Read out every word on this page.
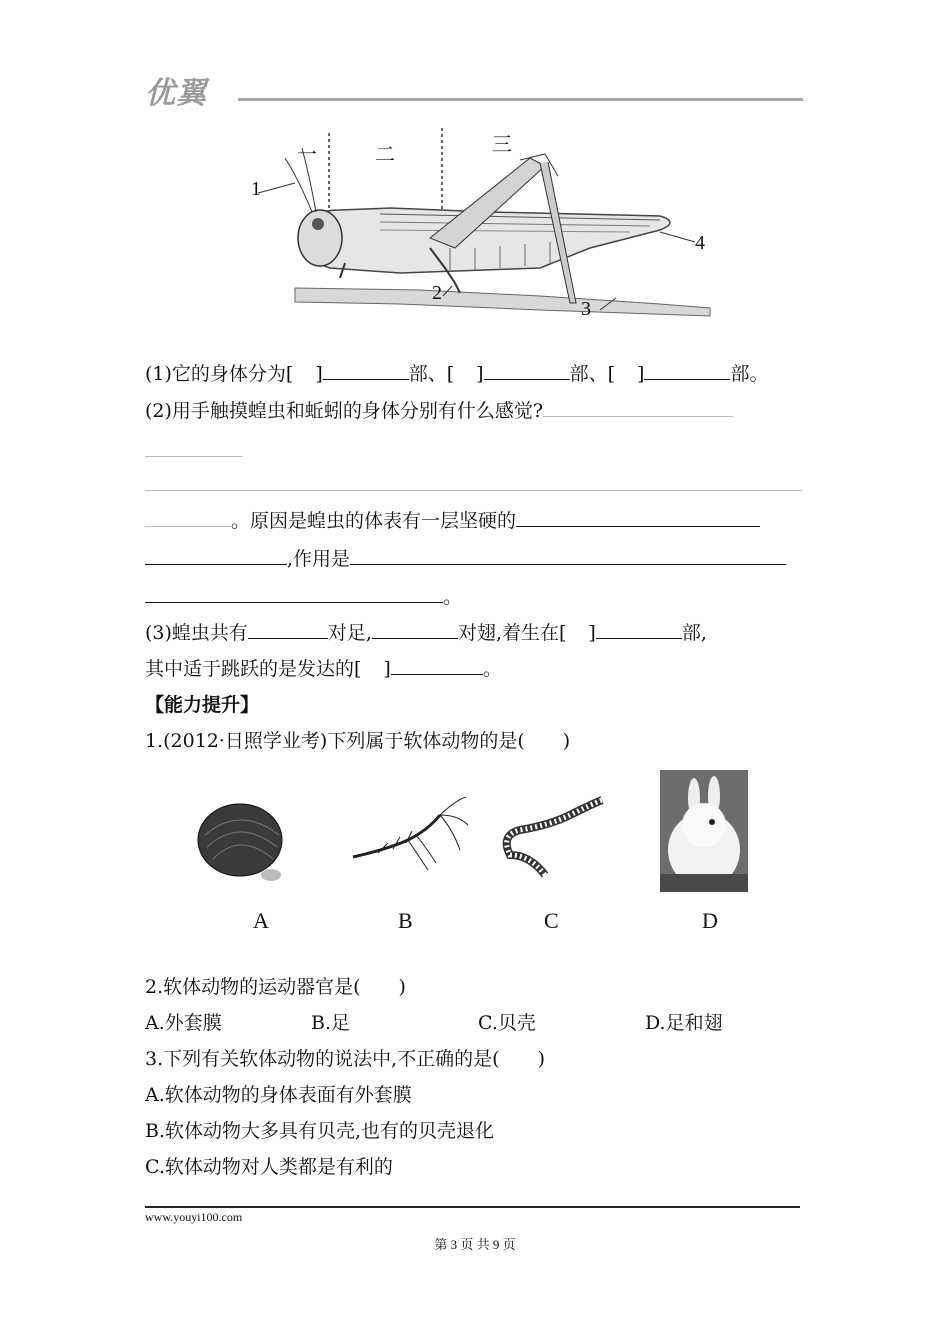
优翼
一	二	三
1
2
3
4
(1)它的身体分为[ ]	部、[ ]	部、[ ]	部。
(2)用手触摸蝗虫和蚯蚓的身体分别有什么感觉?
。原因是蝗虫的体表有一层坚硬的
,作用是
。
(3)蝗虫共有	对足,	对翅,着生在[ ]	部,
其中适于跳跃的是发达的[ ]	。
【能力提升】
1.(2012·日照学业考)下列属于软体动物的是(　　)
A	B	C	D
2.软体动物的运动器官是(　　)
A.外套膜	B.足	C.贝壳	D.足和翅
3.下列有关软体动物的说法中,不正确的是(　　)
A.软体动物的身体表面有外套膜
B.软体动物大多具有贝壳,也有的贝壳退化
C.软体动物对人类都是有利的
www.youyi100.com
第 3 页 共 9 页
